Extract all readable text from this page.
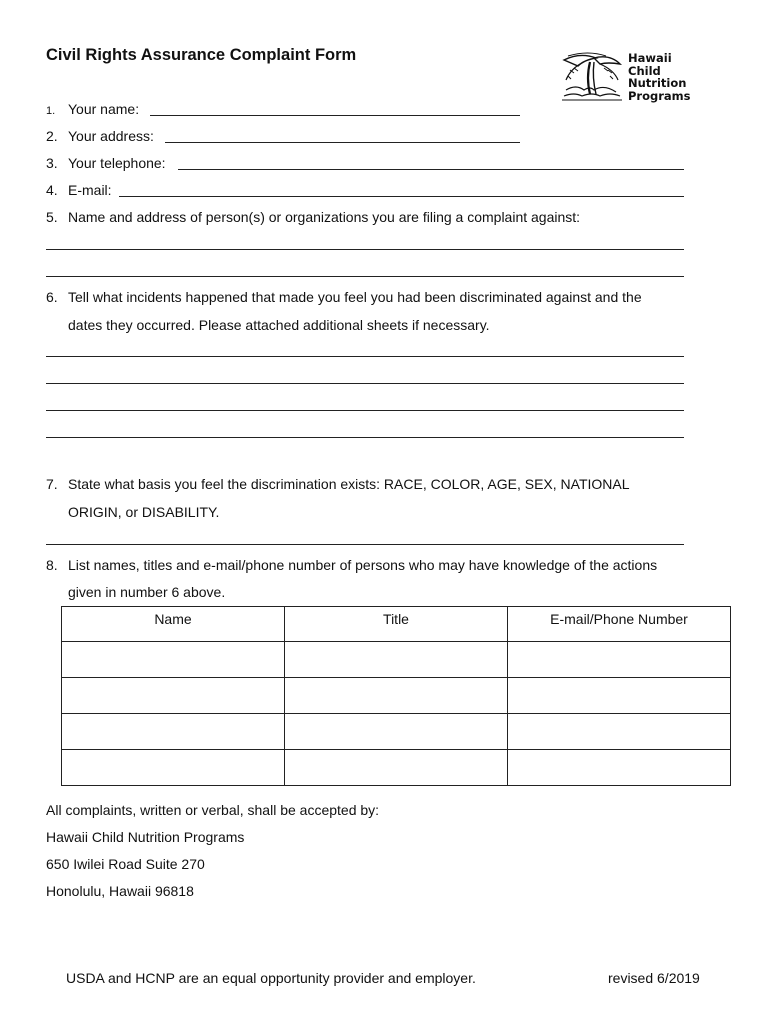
Civil Rights Assurance Complaint Form	Hawaii
Child
Nutrition
Programs
1. Your name:
2. Your address:
3. Your telephone:
4. E-mail:
5. Name and address of person(s) or organizations you are filing a complaint against:
6. Tell what incidents happened that made you feel you had been discriminated against and the
dates they occurred. Please attached additional sheets if necessary.
7. State what basis you feel the discrimination exists: RACE, COLOR, AGE, SEX, NATIONAL
ORIGIN, or DISABILITY.
8. List names, titles and e-mail/phone number of persons who may have knowledge of the actions
given in number 6 above.
Name	Title	E-mail/Phone Number

All complaints, written or verbal, shall be accepted by:
Hawaii Child Nutrition Programs
650 Iwilei Road Suite 270
Honolulu, Hawaii 96818
USDA and HCNP are an equal opportunity provider and employer.	revised 6/2019
